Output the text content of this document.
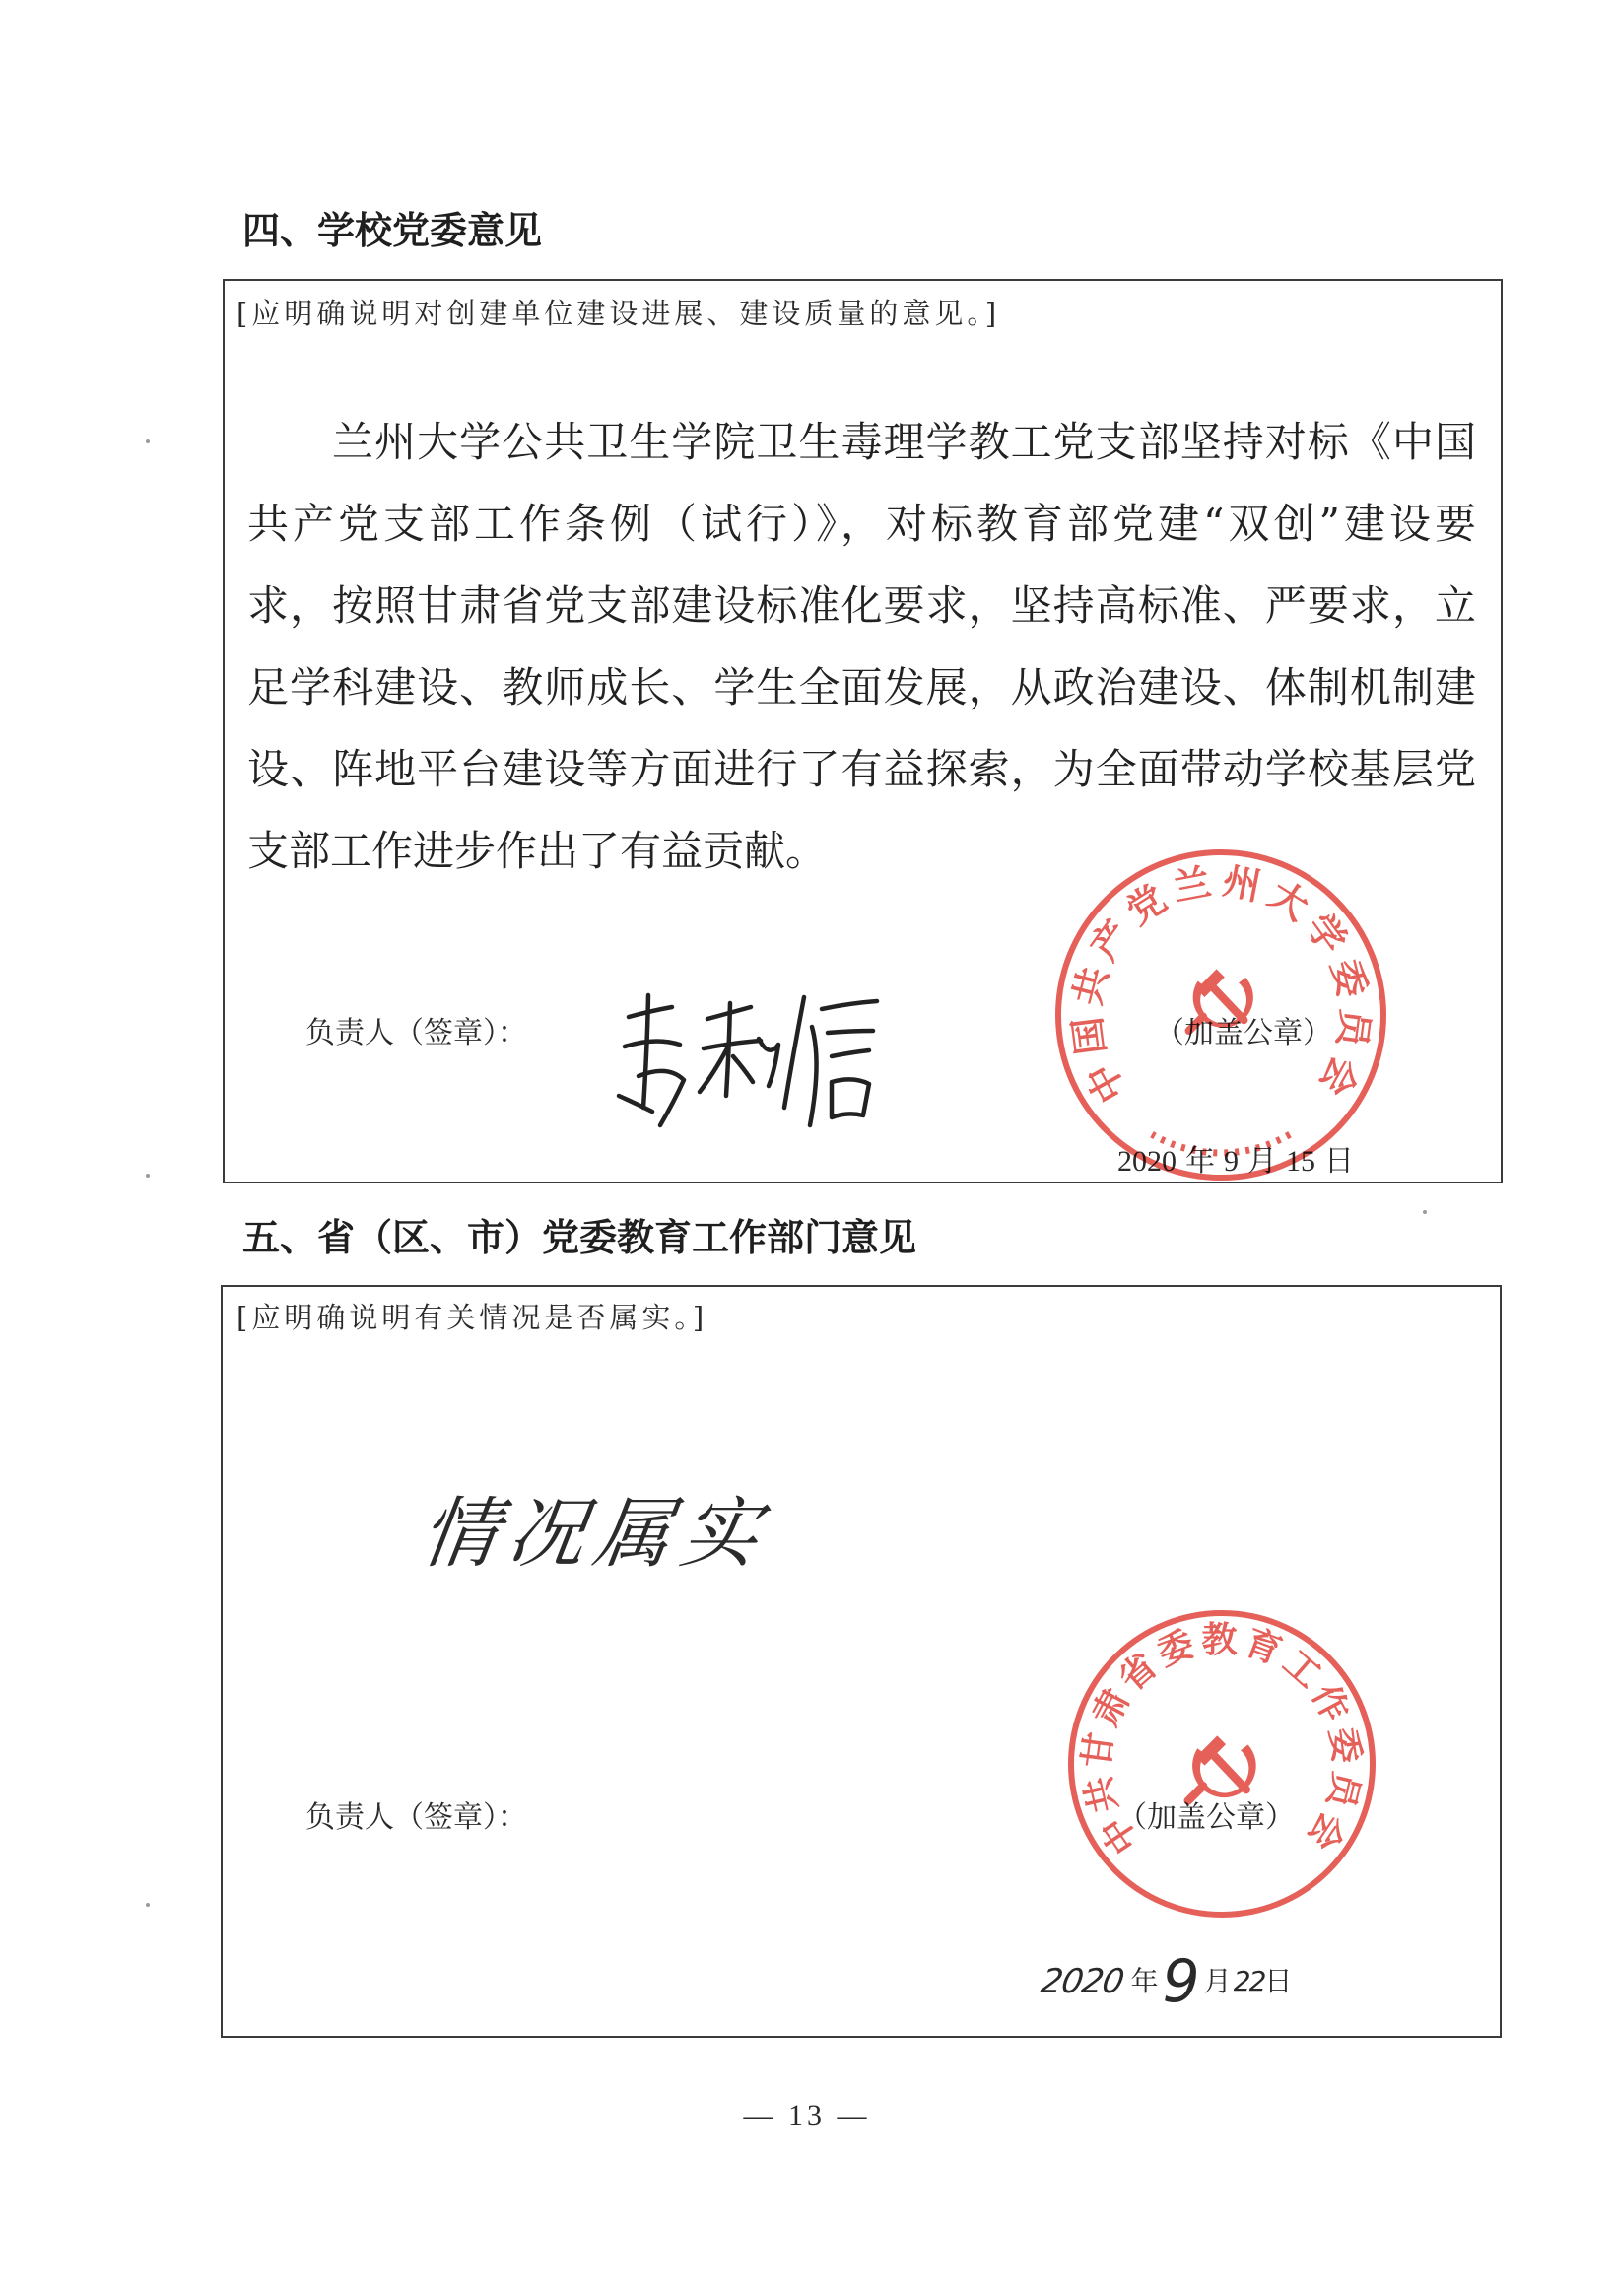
四、学校党委意见
[应明确说明对创建单位建设进展、建设质量的意见。]
兰州大学公共卫生学院卫生毒理学教工党支部坚持对标《中国
共产党支部工作条例（试行）》，对标教育部党建“双创”建设要
求，按照甘肃省党支部建设标准化要求，坚持高标准、严要求，立
足学科建设、教师成长、学生全面发展，从政治建设、体制机制建
设、阵地平台建设等方面进行了有益探索，为全面带动学校基层党
支部工作进步作出了有益贡献。
负责人（签章）：	（加盖公章）
2020 年 9 月 15 日
中国共产党兰州大学委员会
五、省（区、市）党委教育工作部门意见
[应明确说明有关情况是否属实。]
情况属实
负责人（签章）：	（加盖公章）
中共甘肃省委教育工作委员会
2020 年9 月22日
— 13 —
